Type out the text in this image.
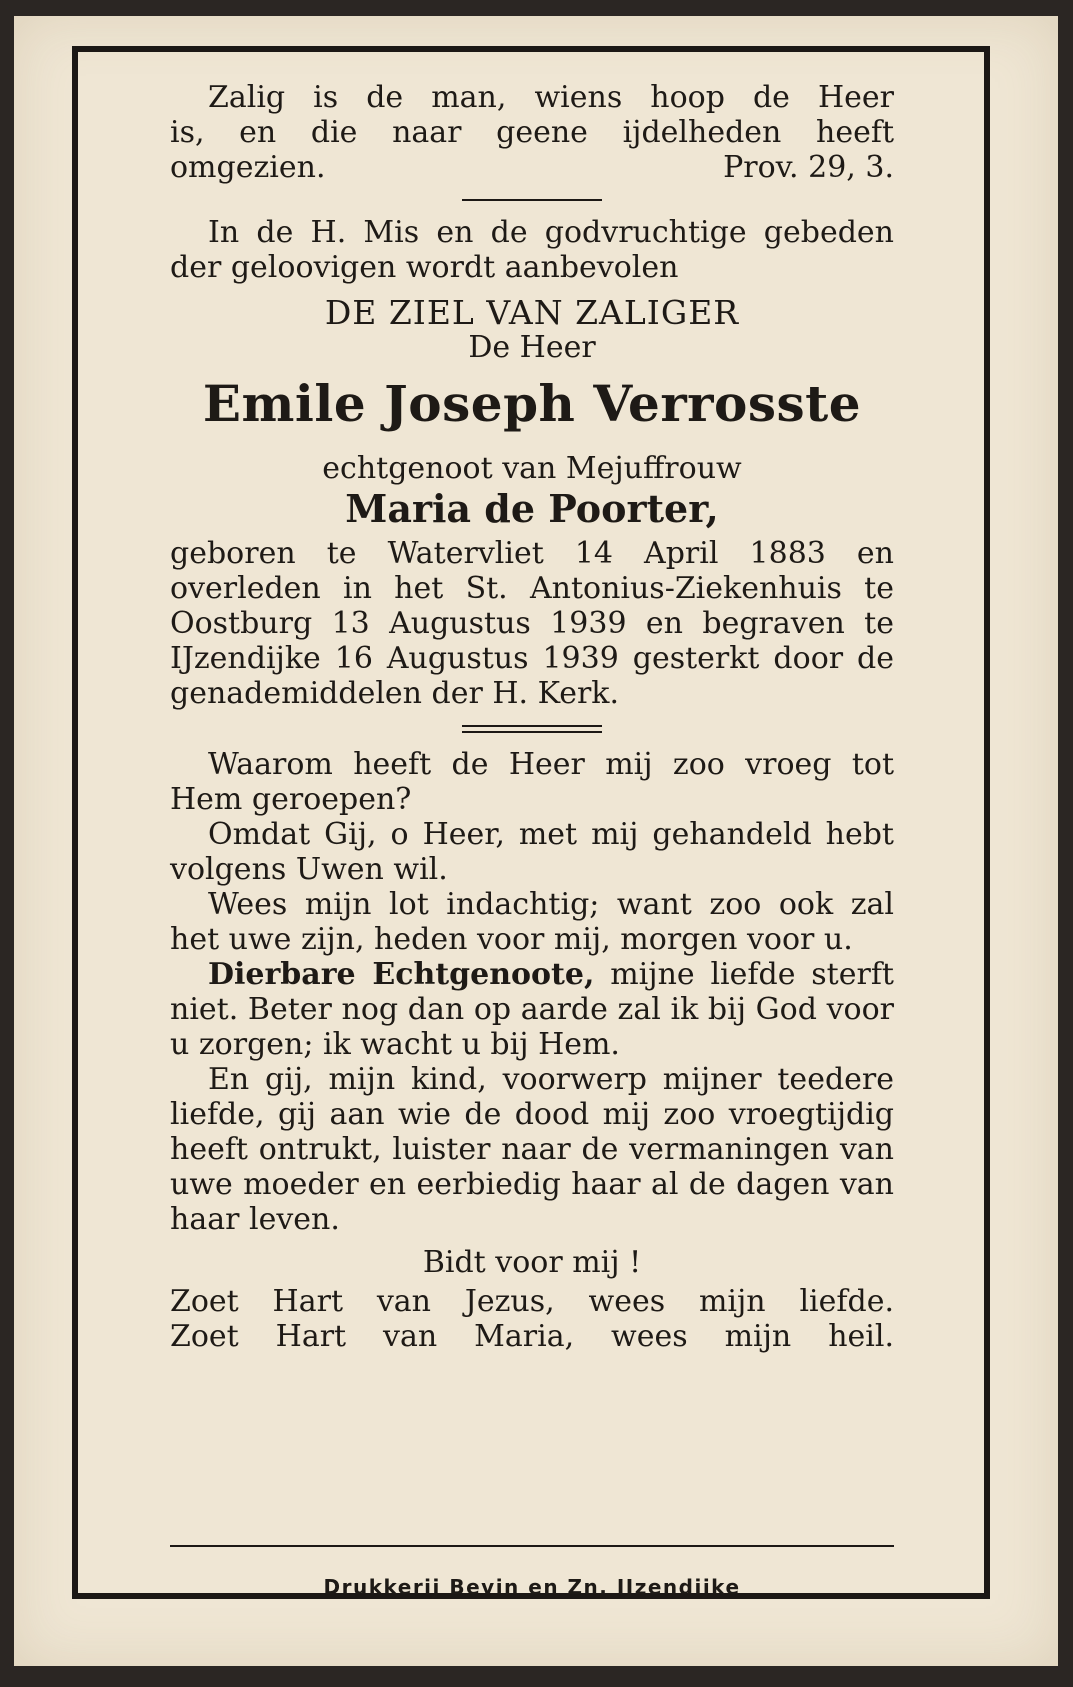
Zalig is de man, wiens hoop de Heer

is, en die naar geene ijdelheden heeft

omgezien.	Prov. 29, 3.

In de H. Mis en de godvruchtige gebeden der geloovigen wordt aanbevolen

DE ZIEL VAN ZALIGER

De Heer

Emile Joseph Verrosste

echtgenoot van Mejuffrouw

Maria de Poorter,

geboren te Watervliet 14 April 1883 en overleden in het St. Antonius-Ziekenhuis te Oostburg 13 Augustus 1939 en begraven te IJzendijke 16 Augustus 1939 gesterkt door de genademiddelen der H. Kerk.

Waarom heeft de Heer mij zoo vroeg tot Hem geroepen?

Omdat Gij, o Heer, met mij gehandeld hebt volgens Uwen wil.

Wees mijn lot indachtig; want zoo ook zal het uwe zijn, heden voor mij, morgen voor u.

Dierbare Echtgenoote, mijne liefde sterft niet. Beter nog dan op aarde zal ik bij God voor u zorgen; ik wacht u bij Hem.

En gij, mijn kind, voorwerp mijner teedere liefde, gij aan wie de dood mij zoo vroegtijdig heeft ontrukt, luister naar de vermaningen van uwe moeder en eerbiedig haar al de dagen van haar leven.

Bidt voor mij !

Zoet Hart van Jezus, wees mijn liefde.

Zoet Hart van Maria, wees mijn heil.

Drukkerij Bevin en Zn. IJzendijke
